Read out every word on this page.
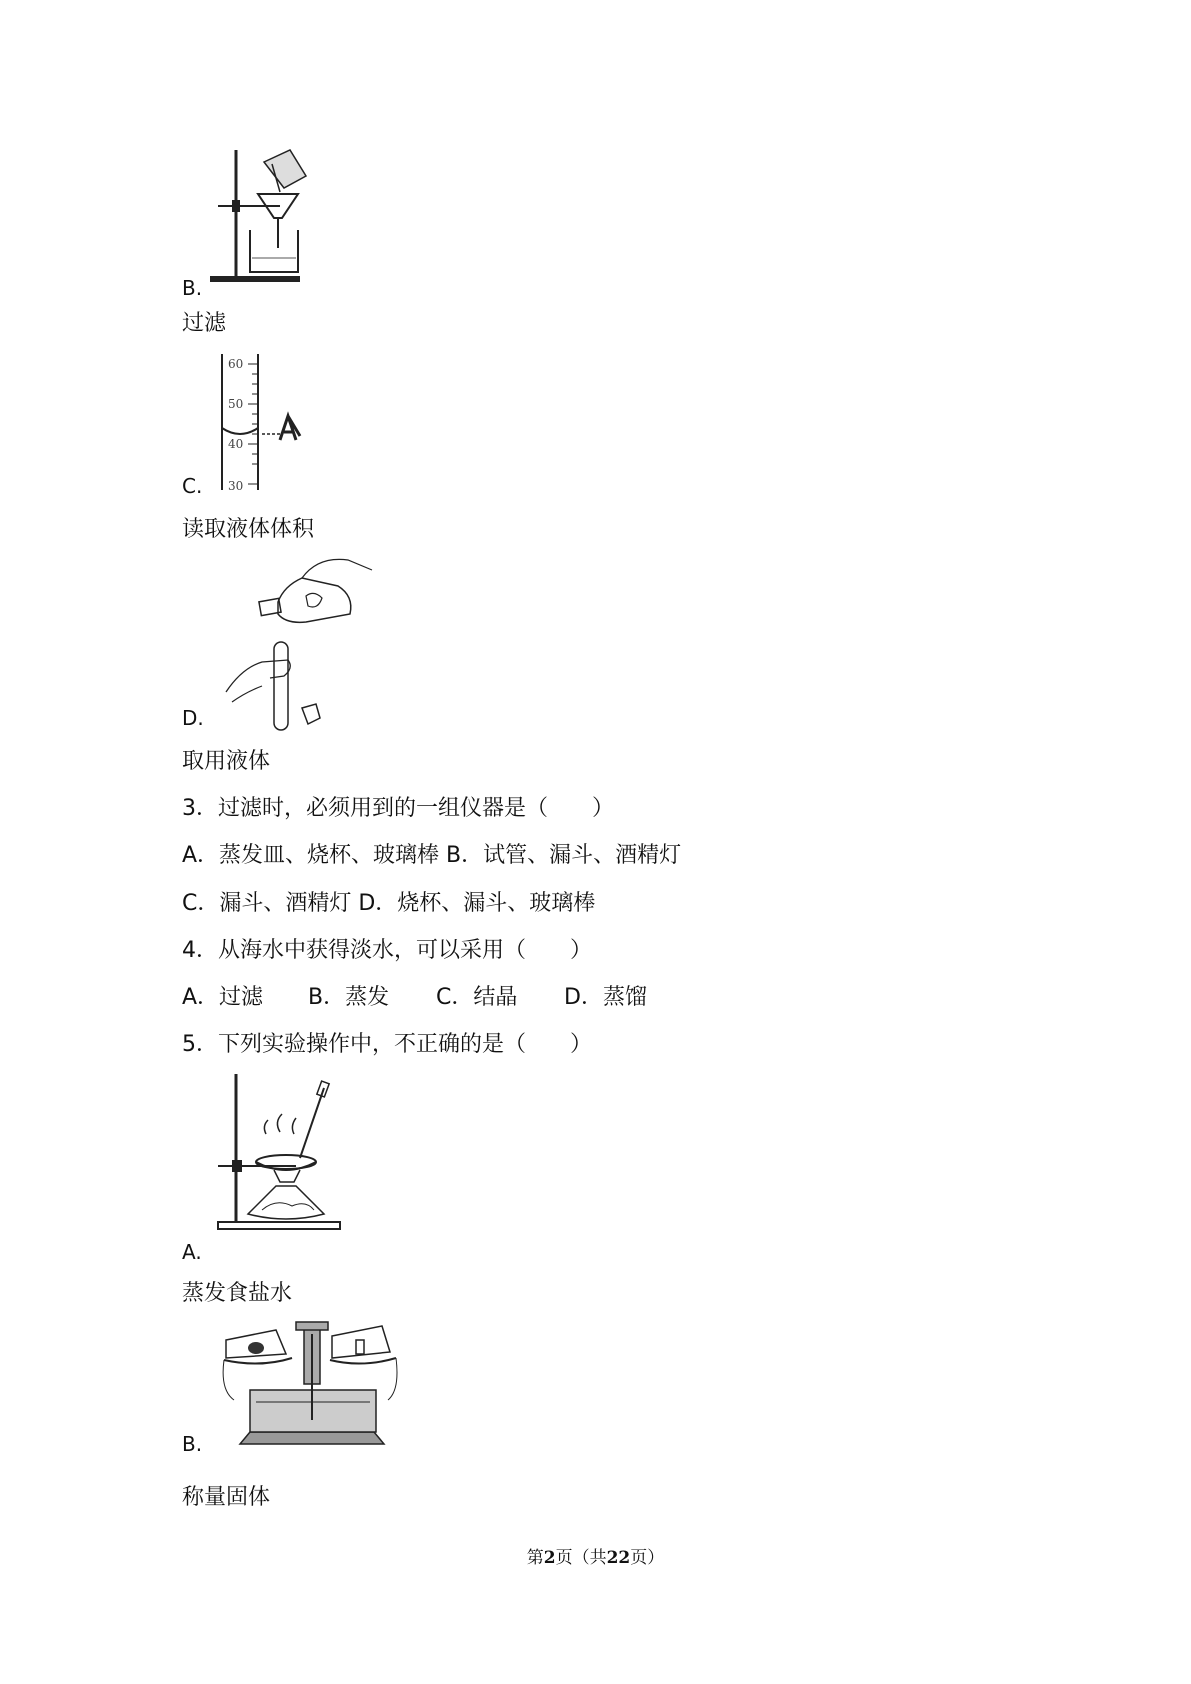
B.
过滤
60
50
40
30
C.
读取液体体积
D.
取用液体
3．过滤时，必须用到的一组仪器是（　　）
A．蒸发皿、烧杯、玻璃棒 B．试管、漏斗、酒精灯
C．漏斗、酒精灯 D．烧杯、漏斗、玻璃棒
4．从海水中获得淡水，可以采用（　　）
A．过滤 B．蒸发 C．结晶 D．蒸馏
5．下列实验操作中，不正确的是（　　）
A.
蒸发食盐水
B.
称量固体
第2页（共22页）
